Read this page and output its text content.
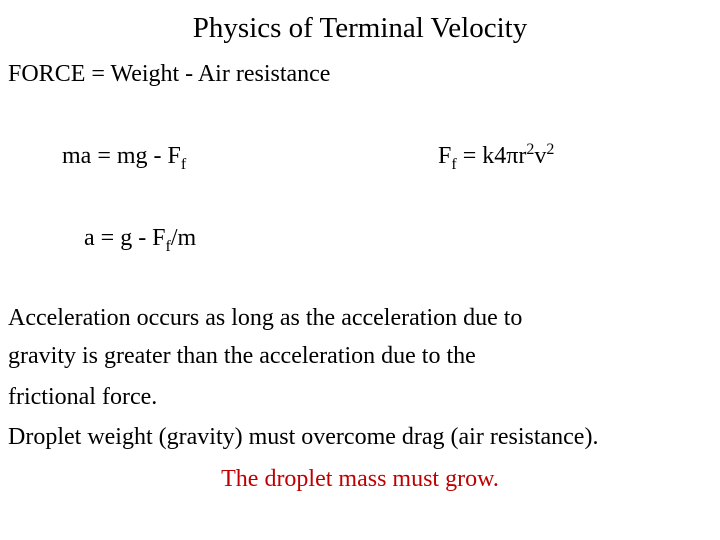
Physics of Terminal Velocity
FORCE = Weight - Air resistance
ma = mg - $F_f$	$F_f = k4\pi r^2v^2$
$a = g - F_f/m$
Acceleration occurs as long as the acceleration due to
gravity is greater than the acceleration due to the
frictional force.
Droplet weight (gravity) must overcome drag (air resistance).
The droplet mass must grow.
